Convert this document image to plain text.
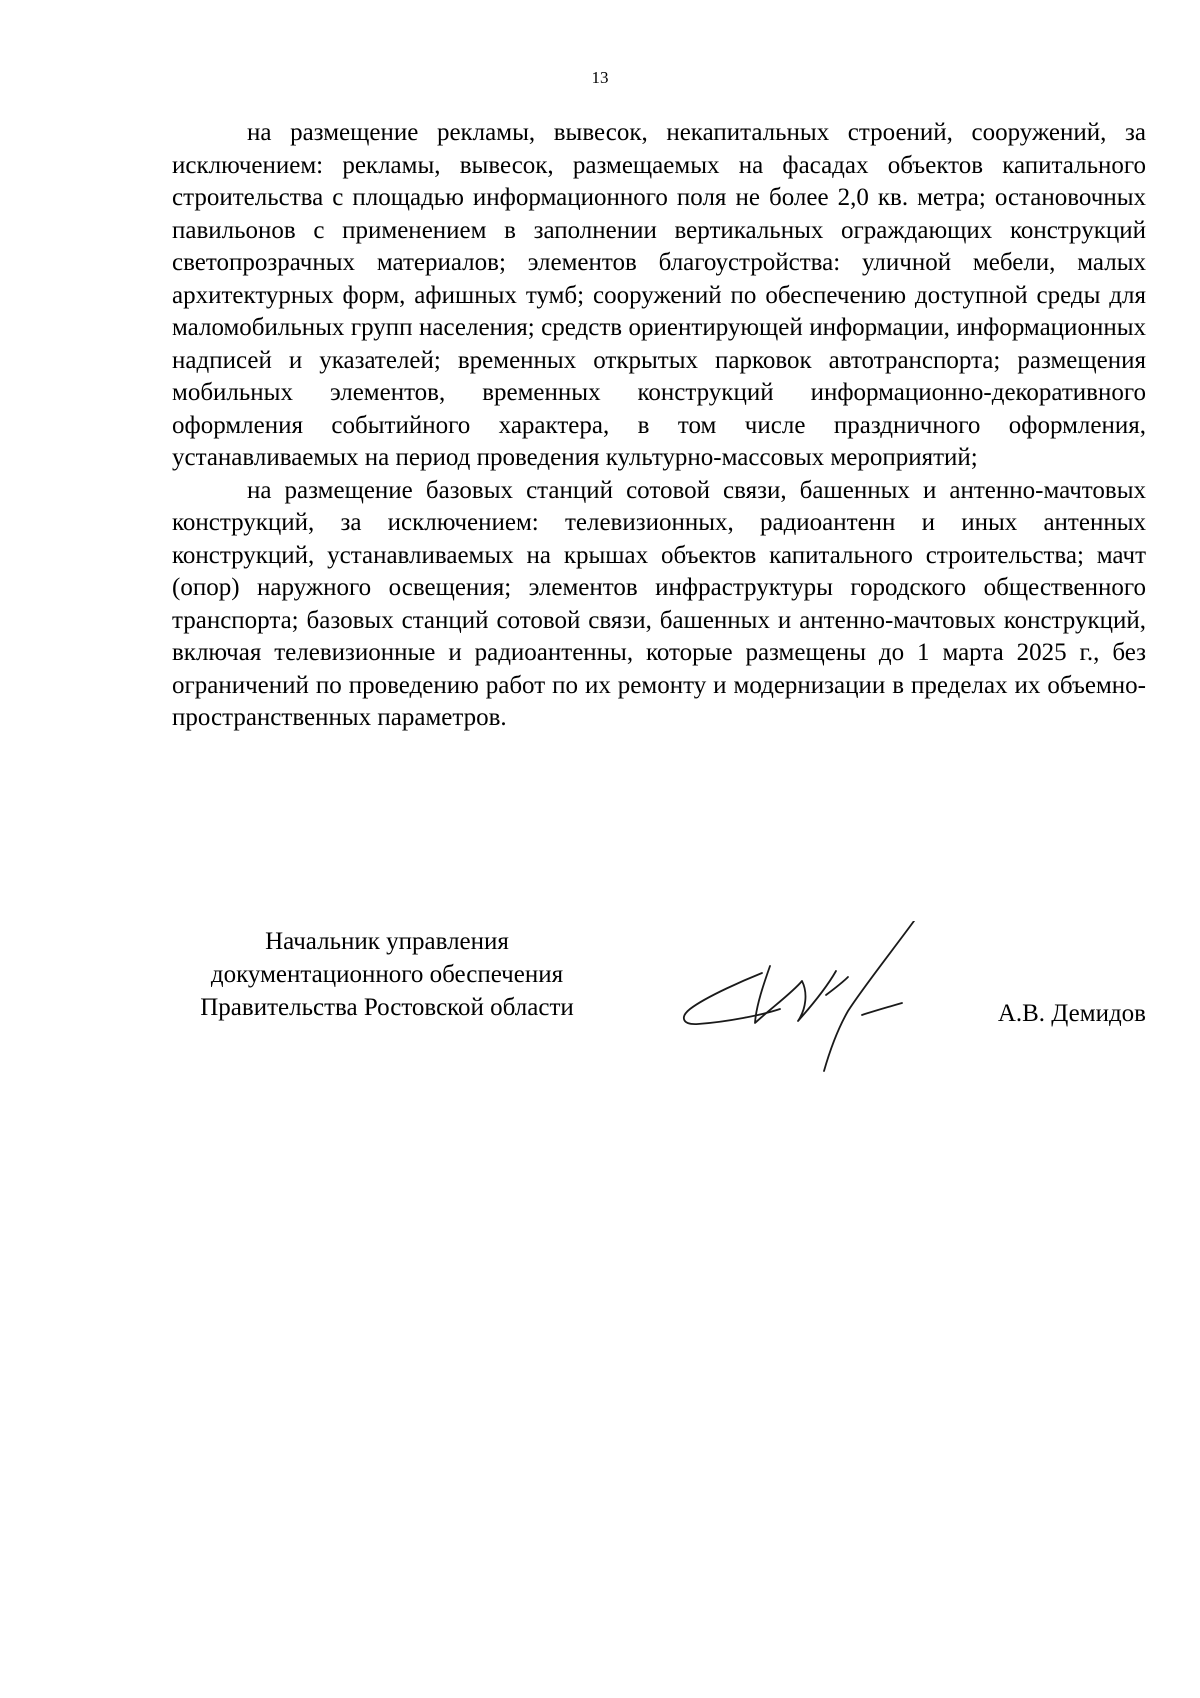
13

на размещение рекламы, вывесок, некапитальных строений, сооружений, за исключением: рекламы, вывесок, размещаемых на фасадах объектов капитального строительства с площадью информационного поля не более 2,0 кв. метра; остановочных павильонов с применением в заполнении вертикальных ограждающих конструкций светопрозрачных материалов; элементов благоустройства: уличной мебели, малых архитектурных форм, афишных тумб; сооружений по обеспечению доступной среды для маломобильных групп населения; средств ориентирующей информации, информационных надписей и указателей; временных открытых парковок автотранспорта; размещения мобильных элементов, временных конструкций информационно-декоративного оформления событийного характера, в том числе праздничного оформления, устанавливаемых на период проведения культурно-массовых мероприятий;

на размещение базовых станций сотовой связи, башенных и антенно-мачтовых конструкций, за исключением: телевизионных, радиоантенн и иных антенных конструкций, устанавливаемых на крышах объектов капитального строительства; мачт (опор) наружного освещения; элементов инфраструктуры городского общественного транспорта; базовых станций сотовой связи, башенных и антенно-мачтовых конструкций, включая телевизионные и радиоантенны, которые размещены до 1 марта 2025 г., без ограничений по проведению работ по их ремонту и модернизации в пределах их объемно-пространственных параметров.

Начальник управления
документационного обеспечения
Правительства Ростовской области	А.В. Демидов
